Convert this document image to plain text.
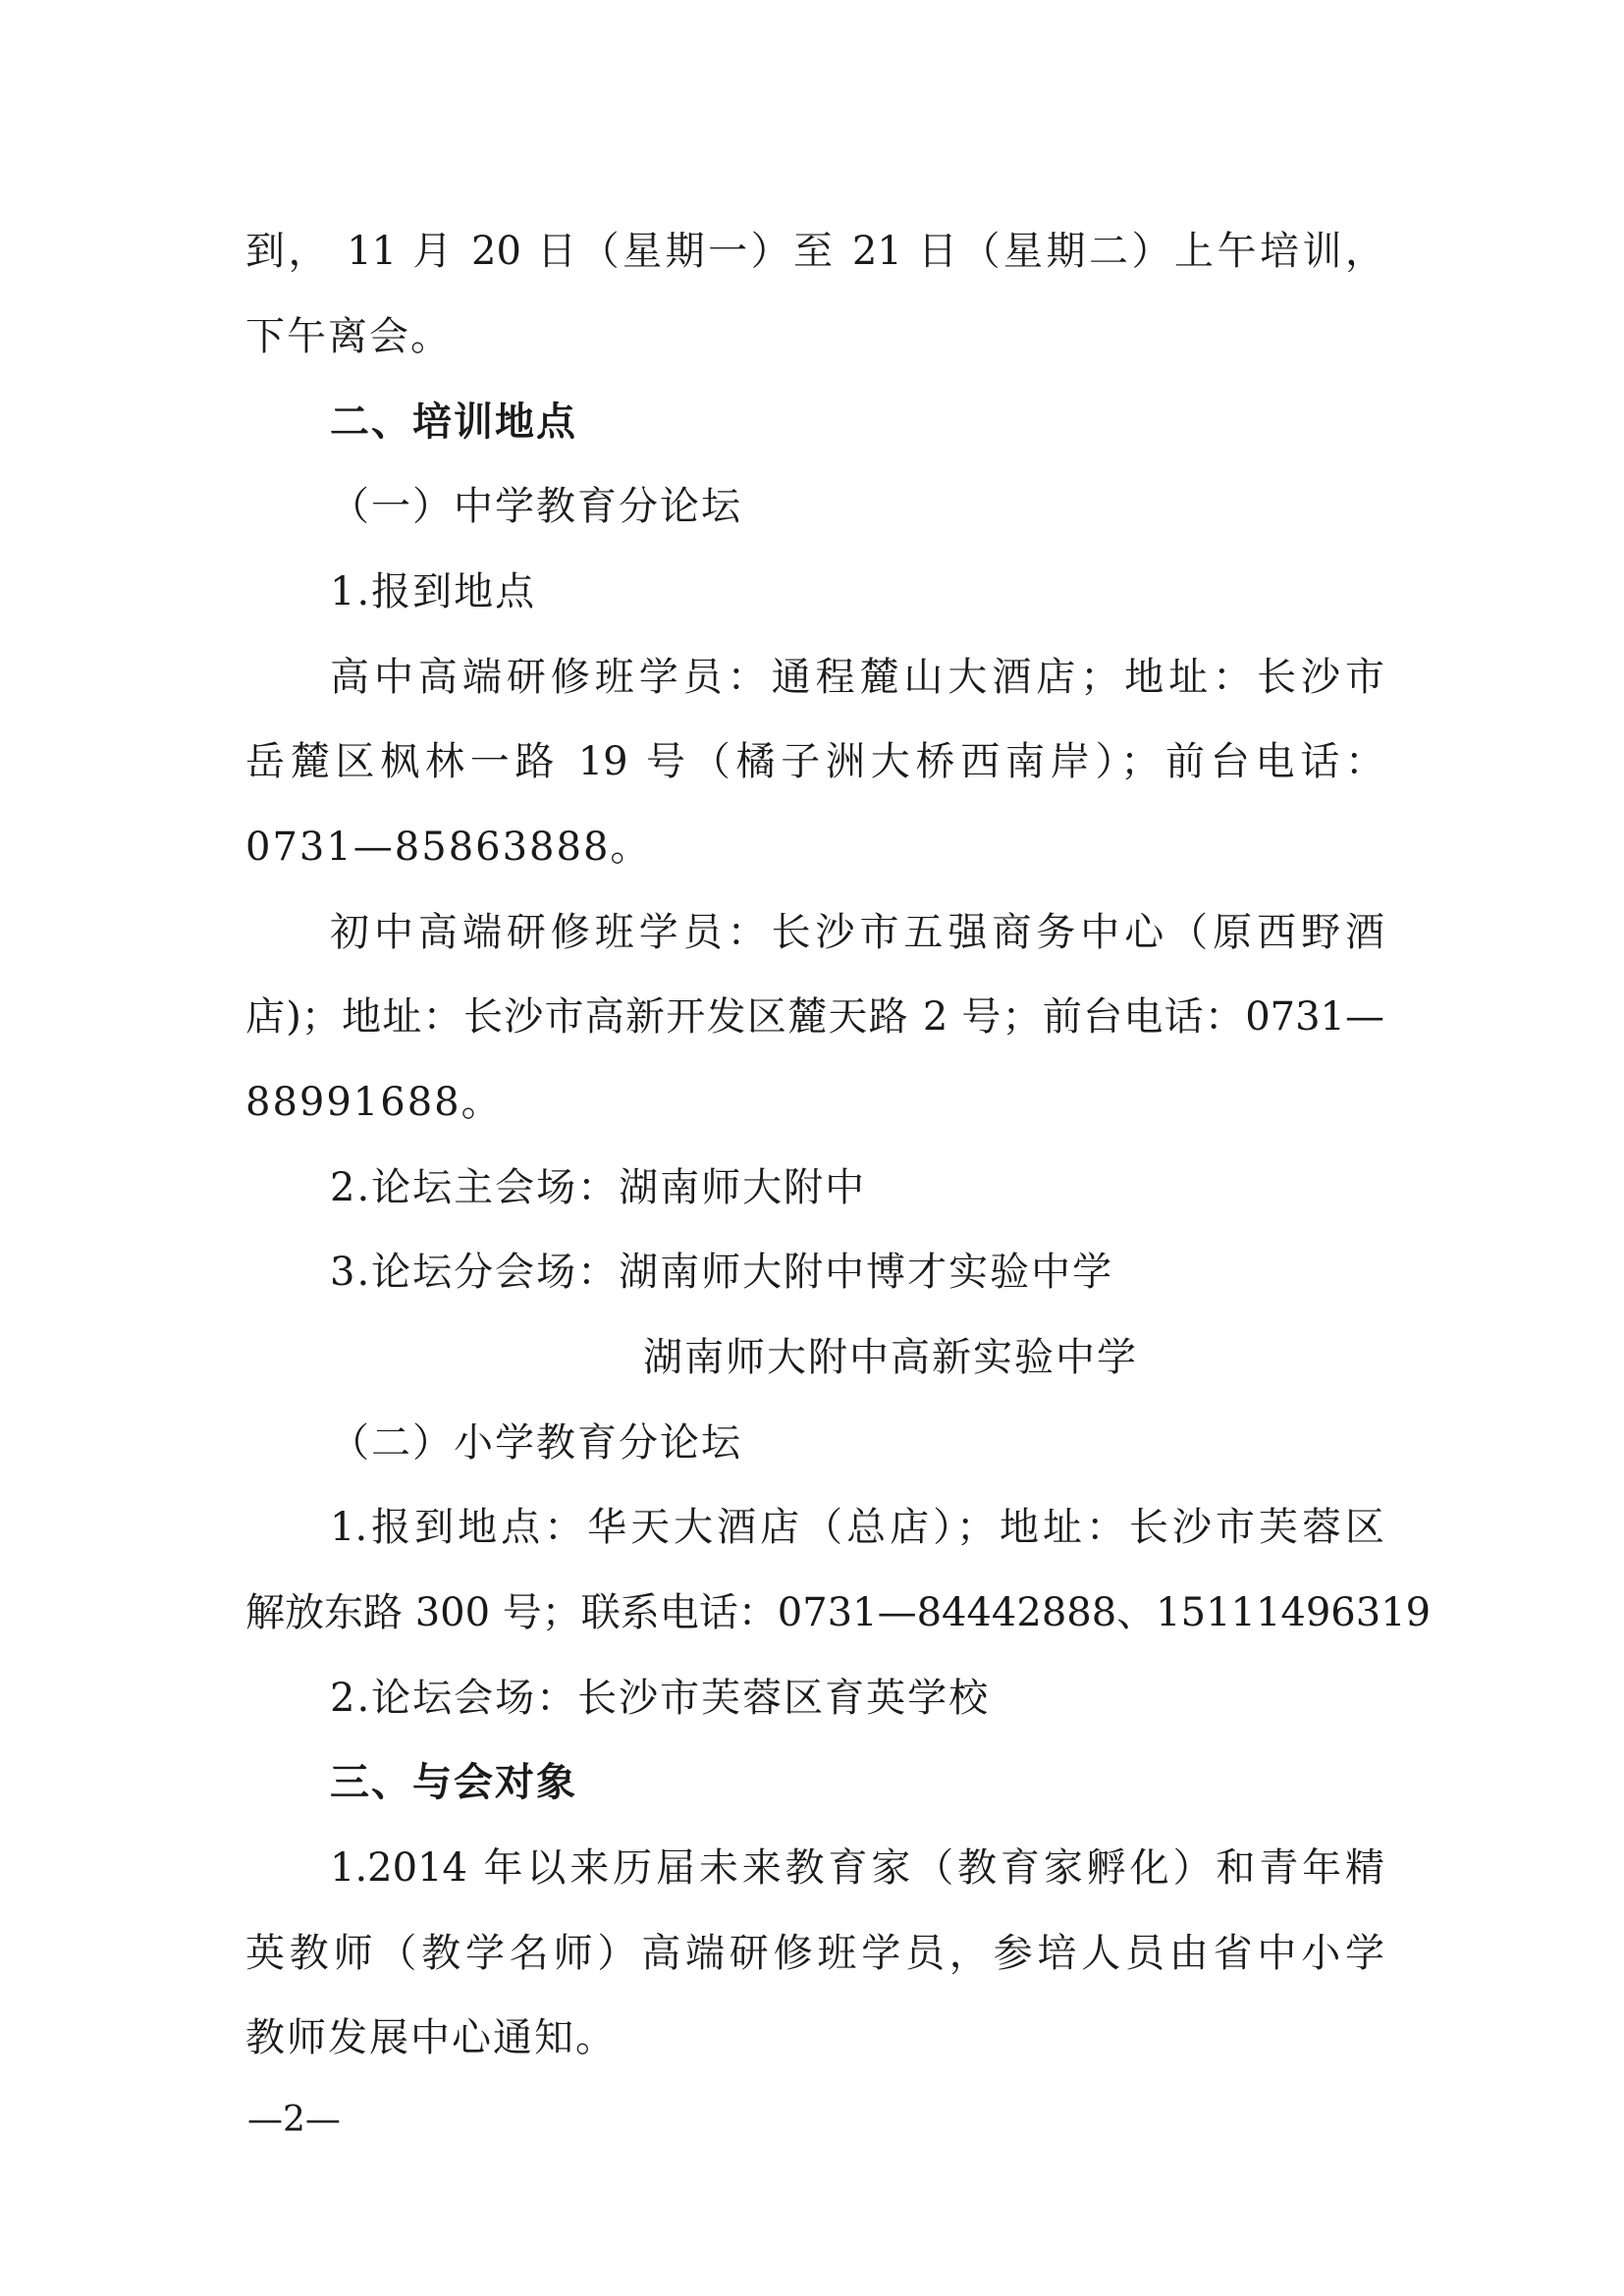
到， 11 月 20 日（星期一）至 21 日（星期二）上午培训，
下午离会。
二、培训地点
（一）中学教育分论坛
1.报到地点
高中高端研修班学员：通程麓山大酒店；地址：长沙市
岳麓区枫林一路 19 号（橘子洲大桥西南岸）；前台电话：
0731—85863888。
初中高端研修班学员：长沙市五强商务中心（原西野酒
店)；地址：长沙市高新开发区麓天路 2 号；前台电话：0731—
88991688。
2.论坛主会场：湖南师大附中
3.论坛分会场：湖南师大附中博才实验中学
湖南师大附中高新实验中学
（二）小学教育分论坛
1.报到地点：华天大酒店（总店）；地址：长沙市芙蓉区
解放东路 300 号；联系电话：0731—84442888、15111496319
2.论坛会场：长沙市芙蓉区育英学校
三、与会对象
1.2014 年以来历届未来教育家（教育家孵化）和青年精
英教师（教学名师）高端研修班学员，参培人员由省中小学
教师发展中心通知。
—2—
